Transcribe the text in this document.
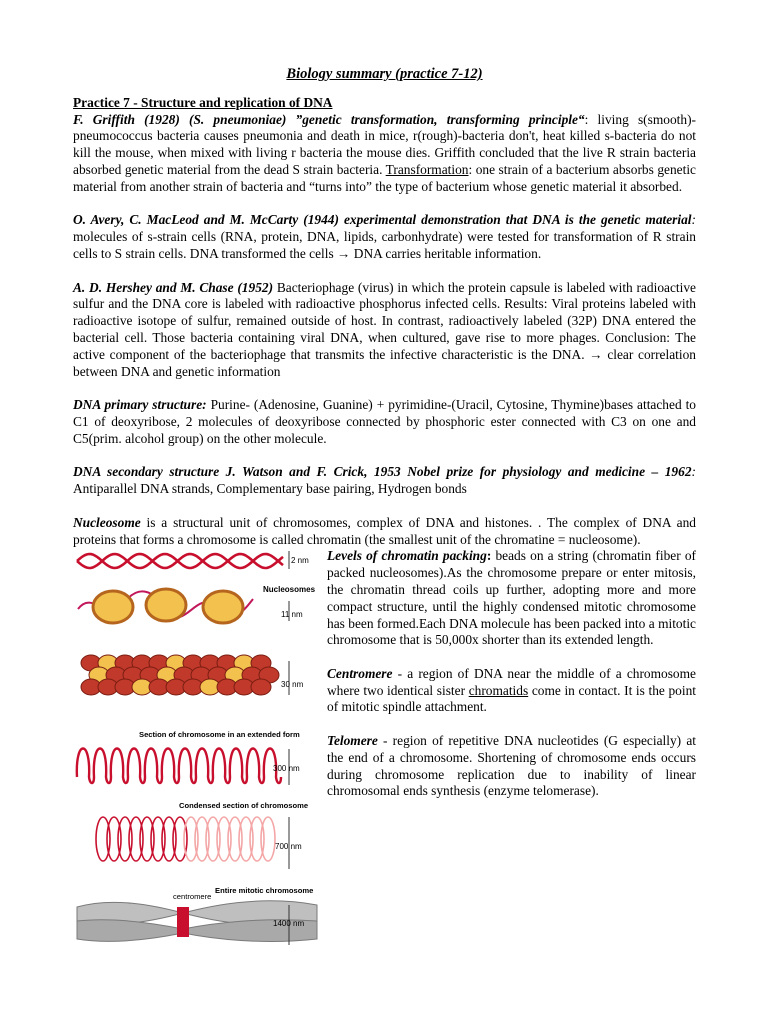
Biology summary (practice 7-12)

Practice 7 - Structure and replication of DNA

F. Griffith (1928) (S. pneumoniae) ”genetic transformation, transforming principle“: living s(smooth)-pneumococcus bacteria causes pneumonia and death in mice, r(rough)-bacteria don't, heat killed s-bacteria do not kill the mouse, when mixed with living r bacteria the mouse dies. Griffith concluded that the live R strain bacteria absorbed genetic material from the dead S strain bacteria. Transformation: one strain of a bacterium absorbs genetic material from another strain of bacteria and “turns into” the type of bacterium whose genetic material it absorbed.

O. Avery, C. MacLeod and M. McCarty (1944) experimental demonstration that DNA is the genetic material: molecules of s-strain cells (RNA, protein, DNA, lipids, carbonhydrate) were tested for transformation of R strain cells to S strain cells. DNA transformed the cells → DNA carries heritable information.

A. D. Hershey and M. Chase (1952) Bacteriophage (virus) in which the protein capsule is labeled with radioactive sulfur and the DNA core is labeled with radioactive phosphorus infected cells. Results: Viral proteins labeled with radioactive isotope of sulfur, remained outside of host. In contrast, radioactively labeled (32P) DNA entered the bacterial cell. Those bacteria containing viral DNA, when cultured, gave rise to more phages. Conclusion: The active component of the bacteriophage that transmits the infective characteristic is the DNA. → clear correlation between DNA and genetic information

DNA primary structure: Purine- (Adenosine, Guanine) + pyrimidine-(Uracil, Cytosine, Thymine)bases attached to C1 of deoxyribose, 2 molecules of deoxyribose connected by phosphoric ester connected with C3 on one and C5(prim. alcohol group) on the other molecule.

DNA secondary structure J. Watson and F. Crick, 1953 Nobel prize for physiology and medicine – 1962: Antiparallel DNA strands, Complementary base pairing, Hydrogen bonds

Nucleosome is a structural unit of chromosomes, complex of DNA and histones. . The complex of DNA and proteins that forms a chromosome is called chromatin (the smallest unit of the chromatine = nucleosome).

2 nm
Nucleosomes
11 nm
30 nm
Section of chromosome in an extended form
300 nm
Condensed section of chromosome
700 nm
centromere
Entire mitotic chromosome
1400 nm

Levels of chromatin packing: beads on a string (chromatin fiber of packed nucleosomes).As the chromosome prepare or enter mitosis, the chromatin thread coils up further, adopting more and more compact structure, until the highly condensed mitotic chromosome has been formed.Each DNA molecule has been packed into a mitotic chromosome that is 50,000x shorter than its extended length.

Centromere - a region of DNA near the middle of a chromosome where two identical sister chromatids come in contact. It is the point of mitotic spindle attachment.

Telomere - region of repetitive DNA nucleotides (G especially) at the end of a chromosome. Shortening of chromosome ends occurs during chromosome replication due to inability of linear chromosomal ends synthesis (enzyme telomerase).
